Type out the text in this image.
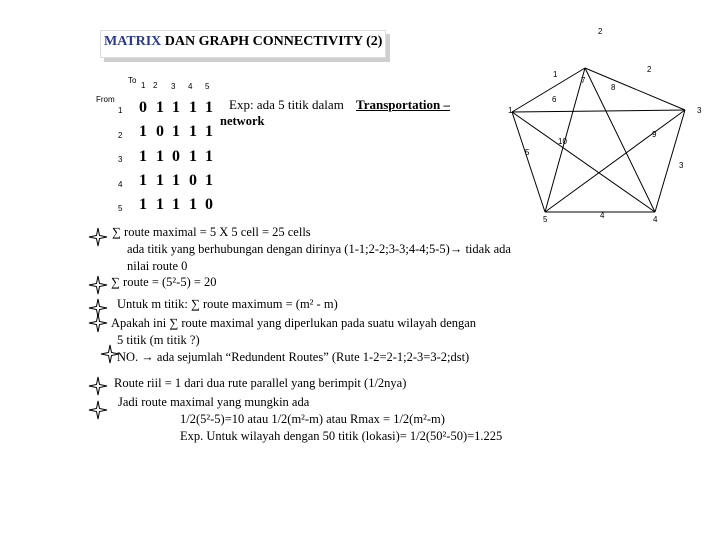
MATRIX DAN GRAPH CONNECTIVITY (2)
2
To
From
1 2 3 4 5
1
2
3
4
5
0 1 1 1 1
1 0 1 1 1
1 1 0 1 1
1 1 1 0 1
1 1 1 1 0
Exp: ada 5 titik dalam Transportation –
network
1
2
3
3
4
5
6
7
8
9
10
1
5	4
∑ route maximal = 5 X 5 cell = 25 cells
ada titik yang berhubungan dengan dirinya (1-1;2-2;3-3;4-4;5-5)→ tidak ada
nilai route 0
∑ route = (5²-5) = 20
Untuk m titik: ∑ route maximum = (m² - m)
Apakah ini ∑ route maximal yang diperlukan pada suatu wilayah dengan
5 titik (m titik ?)
NO. → ada sejumlah “Redundent Routes” (Rute 1-2=2-1;2-3=3-2;dst)
Route riil = 1 dari dua rute parallel yang berimpit (1/2nya)
Jadi route maximal yang mungkin ada
1/2(5²-5)=10 atau 1/2(m²-m) atau Rmax = 1/2(m²-m)
Exp. Untuk wilayah dengan 50 titik (lokasi)= 1/2(50²-50)=1.225
